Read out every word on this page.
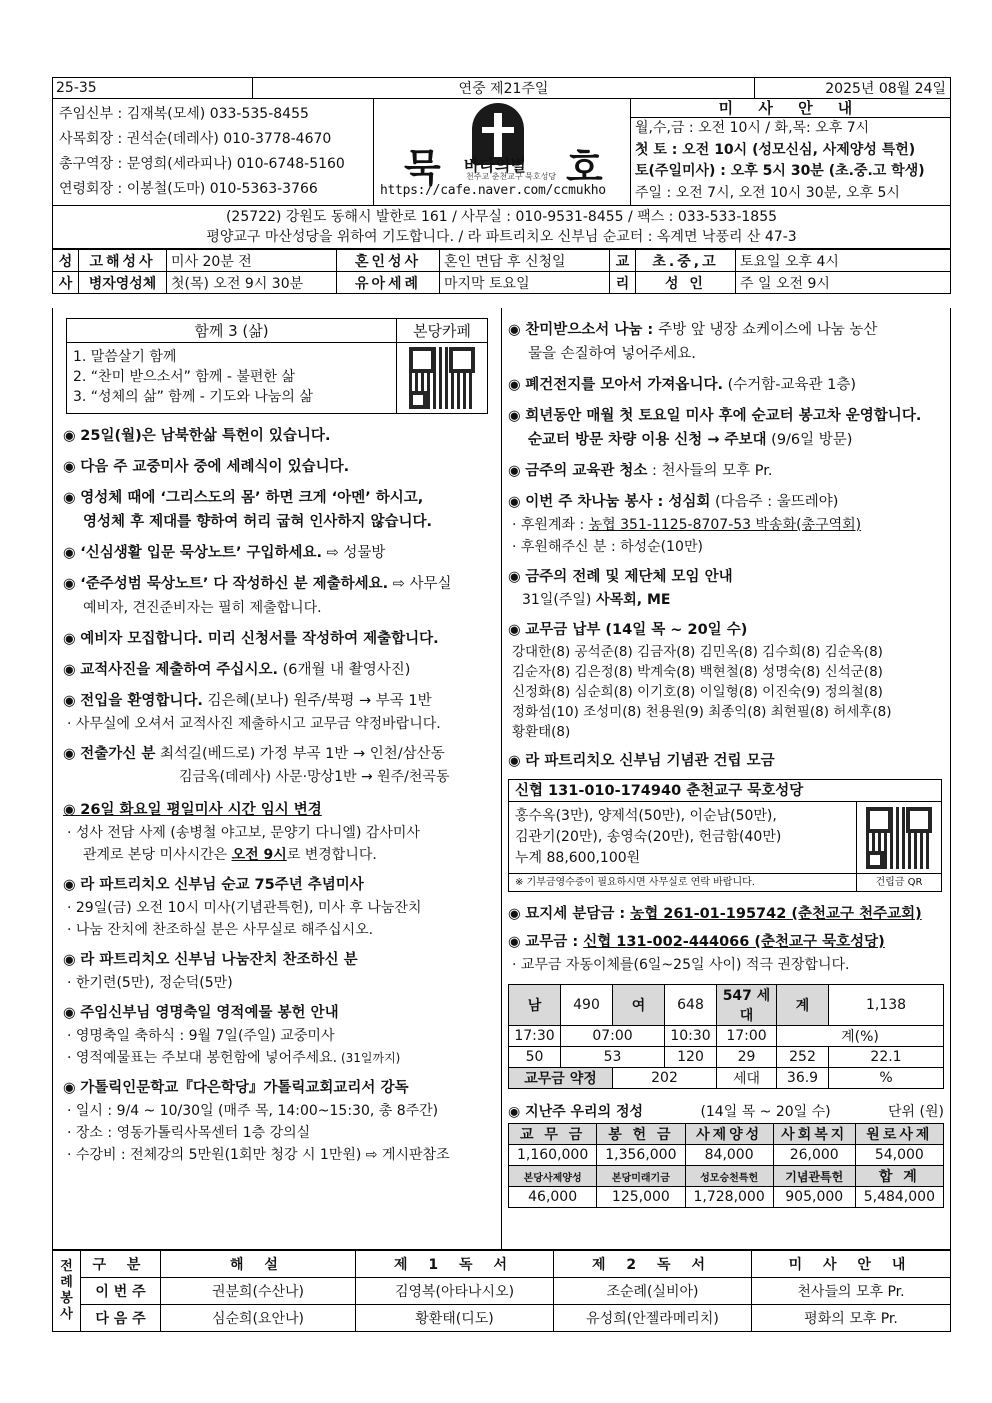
25-35	연중 제21주일	2025년 08월 24일
주임신부 : 김재복(모세) 033-535-8455
사목회장 : 권석순(데레사) 010-3778-4670
총구역장 : 문영희(세라피나) 010-6748-5160
연령회장 : 이봉철(도마) 010-5363-3766	묵 바다의별
천주교 춘천교구 묵호성당 호
https://cafe.naver.com/ccmukho
미 사 안 내
월,수,금 : 오전 10시 / 화,목: 오후 7시
첫 토 : 오전 10시 (성모신심, 사제양성 특헌)
토(주일미사) : 오후 5시 30분 (초.중.고 학생)
주일 : 오전 7시, 오전 10시 30분, 오후 5시
(25722) 강원도 동해시 발한로 161 / 사무실 : 010-9531-8455 / 팩스 : 033-533-1855
평양교구 마산성당을 위하여 기도합니다. / 라 파트리치오 신부님 순교터 : 옥계면 낙풍리 산 47-3
성	고해성사	미사 20분 전	혼인성사	혼인 면담 후 신청일	교	초.중,고	토요일 오후 4시
사	병자영성체	첫(목) 오전 9시 30분	유아세례	마지막 토요일	리	성 인	주 일 오전 9시
함께 3 (삶)	본당카페
1. 말씀살기 함께
2. “찬미 받으소서” 함께 - 불편한 삶
3. “성체의 삶” 함께 - 기도와 나눔의 삶
◉ 25일(월)은 남북한삶 특헌이 있습니다.
◉ 다음 주 교중미사 중에 세례식이 있습니다.
◉ 영성체 때에 ‘그리스도의 몸’ 하면 크게 ‘아멘’ 하시고,
영성체 후 제대를 향하여 허리 굽혀 인사하지 않습니다.
◉ ‘신심생활 입문 묵상노트’ 구입하세요. ⇨ 성물방
◉ ‘준주성범 묵상노트’ 다 작성하신 분 제출하세요. ⇨ 사무실
예비자, 견진준비자는 필히 제출합니다.
◉ 예비자 모집합니다. 미리 신청서를 작성하여 제출합니다.
◉ 교적사진을 제출하여 주십시오. (6개월 내 촬영사진)
◉ 전입을 환영합니다. 김은혜(보나) 원주/북평 → 부곡 1반
· 사무실에 오셔서 교적사진 제출하시고 교무금 약정바랍니다.
◉ 전출가신 분 최석길(베드로) 가정 부곡 1반 → 인천/삼산동
김금옥(데레사) 사문·망상1반 → 원주/천곡동
◉ 26일 화요일 평일미사 시간 임시 변경
· 성사 전담 사제 (송병철 야고보, 문양기 다니엘) 감사미사
관계로 본당 미사시간은 오전 9시로 변경합니다.
◉ 라 파트리치오 신부님 순교 75주년 추념미사
· 29일(금) 오전 10시 미사(기념관특헌), 미사 후 나눔잔치
· 나눔 잔치에 찬조하실 분은 사무실로 해주십시오.
◉ 라 파트리치오 신부님 나눔잔치 찬조하신 분
· 한기련(5만), 정순덕(5만)
◉ 주임신부님 영명축일 영적예물 봉헌 안내
· 영명축일 축하식 : 9월 7일(주일) 교중미사
· 영적예물표는 주보대 봉헌함에 넣어주세요. (31일까지)
◉ 가톨릭인문학교『다은학당』가톨릭교회교리서 강독
· 일시 : 9/4 ~ 10/30일 (매주 목, 14:00~15:30, 총 8주간)
· 장소 : 영동가톨릭사목센터 1층 강의실
· 수강비 : 전체강의 5만원(1회만 청강 시 1만원) ⇨ 게시판참조
◉ 찬미받으소서 나눔 : 주방 앞 냉장 쇼케이스에 나눔 농산
물을 손질하여 넣어주세요.
◉ 폐건전지를 모아서 가져옵니다. (수거함-교육관 1층)
◉ 희년동안 매월 첫 토요일 미사 후에 순교터 봉고차 운영합니다.
순교터 방문 차량 이용 신청 → 주보대 (9/6일 방문)
◉ 금주의 교육관 청소 : 천사들의 모후 Pr.
◉ 이번 주 차나눔 봉사 : 성심회 (다음주 : 울뜨레야)
· 후원계좌 : 농협 351-1125-8707-53 박송화(총구역회)
· 후원해주신 분 : 하성순(10만)
◉ 금주의 전례 및 제단체 모임 안내
31일(주일) 사목회, ME
◉ 교무금 납부 (14일 목 ~ 20일 수)
강대한(8) 공석준(8) 김금자(8) 김민옥(8) 김수희(8) 김순옥(8)
김순자(8) 김은정(8) 박계숙(8) 백현철(8) 성명숙(8) 신석군(8)
신정화(8) 심순희(8) 이기호(8) 이일형(8) 이진숙(9) 정의철(8)
정화섬(10) 조성미(8) 천용원(9) 최종익(8) 최현필(8) 허세후(8)
황환태(8)
◉ 라 파트리치오 신부님 기념관 건립 모금
신협 131-010-174940 춘천교구 묵호성당
홍수옥(3만), 양제석(50만), 이순남(50만),
김관기(20만), 송영숙(20만), 헌금함(40만)
누계 88,600,100원
※ 기부금영수증이 필요하시면 사무실로 연락 바랍니다.	건립금 QR
◉ 묘지세 분담금 : 농협 261-01-195742 (춘천교구 천주교회)
◉ 교무금 : 신협 131-002-444066 (춘천교구 묵호성당)
· 교무금 자동이체를(6일~25일 사이) 적극 권장합니다.
남	490	여	648	547 세대	계	1,138
17:30	07:00		10:30	17:00	계(%)	
50	53		120	29	252	22.1
교무금 약정		202		세대	36.9	%
◉ 지난주 우리의 정성	(14일 목 ~ 20일 수)	단위 (원)
교 무 금	봉 헌 금	사제양성	사회복지	원로사제
1,160,000	1,356,000	84,000	26,000	54,000
본당사제양성	본당미래기금	성모승천특헌	기념관특헌	합 계
46,000	125,000	1,728,000	905,000	5,484,000
전
례
봉
사	구 분	해 설	제 1 독 서	제 2 독 서	미 사 안 내
	이 번 주	권분희(수산나)	김영복(아타나시오)	조순례(실비아)	천사들의 모후 Pr.
	다 음 주	심순희(요안나)	황환태(디도)	유성희(안젤라메리치)	평화의 모후 Pr.
